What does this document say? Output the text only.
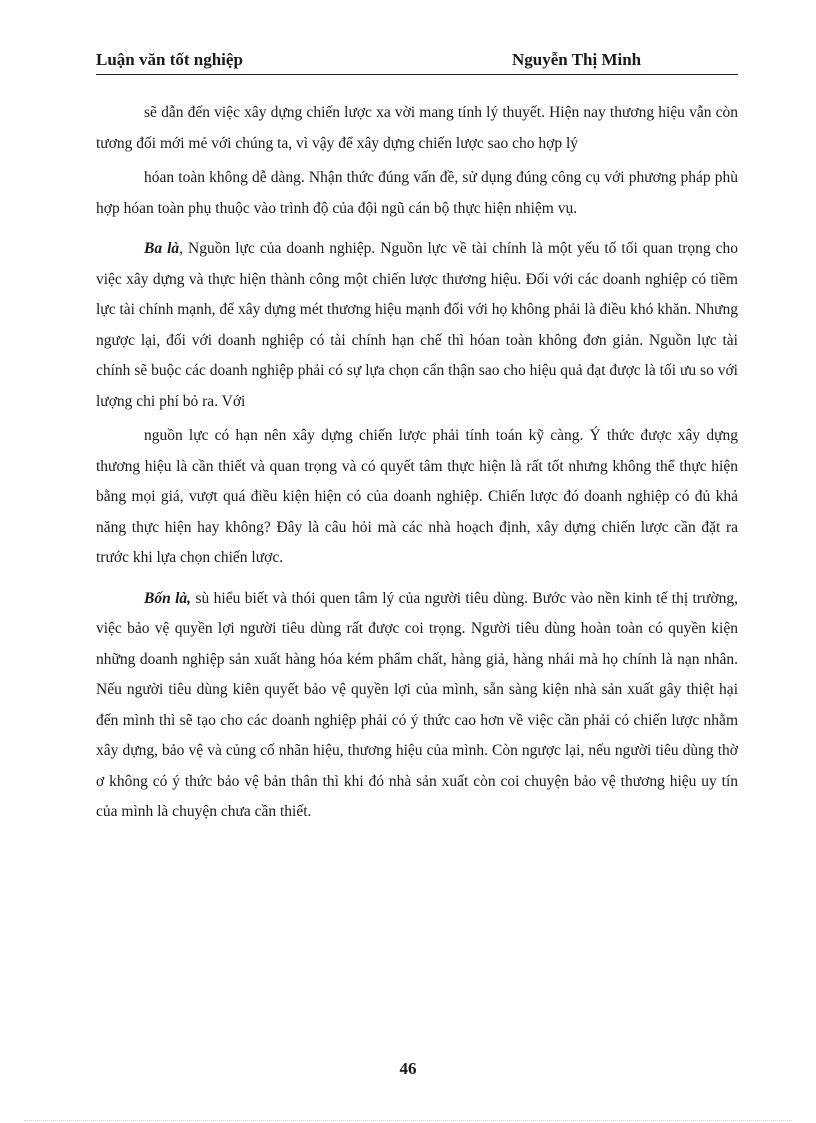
Luận văn tốt nghiệp	Nguyễn Thị Minh

sẽ dẫn đến việc xây dựng chiến lược xa vời mang tính lý thuyết. Hiện nay thương hiệu vẫn còn tương đối mới mẻ với chúng ta, vì vậy để xây dựng chiến lược sao cho hợp lý

hóan toàn không dễ dàng. Nhận thức đúng vấn đề, sử dụng đúng công cụ với phương pháp phù hợp hóan toàn phụ thuộc vào trình độ của đội ngũ cán bộ thực hiện nhiệm vụ.

Ba là, Nguồn lực của doanh nghiệp. Nguồn lực về tài chính là một yếu tố tối quan trọng cho việc xây dựng và thực hiện thành công một chiến lược thương hiệu. Đối với các doanh nghiệp có tiềm lực tài chính mạnh, để xây dựng mét thương hiệu mạnh đối với họ không phải là điều khó khăn. Nhưng ngược lại, đối với doanh nghiệp có tài chính hạn chế thì hóan toàn không đơn giản. Nguồn lực tài chính sẽ buộc các doanh nghiệp phải có sự lựa chọn cẩn thận sao cho hiệu quả đạt được là tối ưu so với lượng chi phí bỏ ra. Với

nguồn lực có hạn nên xây dựng chiến lược phải tính toán kỹ càng. Ý thức được xây dựng thương hiệu là cần thiết và quan trọng và có quyết tâm thực hiện là rất tốt nhưng không thể thực hiện bằng mọi giá, vượt quá điều kiện hiện có của doanh nghiệp. Chiến lược đó doanh nghiệp có đủ khả năng thực hiện hay không? Đây là câu hỏi mà các nhà hoạch định, xây dựng chiến lược cần đặt ra trước khi lựa chọn chiến lược.

Bốn là, sù hiểu biết và thói quen tâm lý của người tiêu dùng. Bước vào nền kinh tế thị trường, việc bảo vệ quyền lợi người tiêu dùng rất được coi trọng. Người tiêu dùng hoàn toàn có quyền kiện những doanh nghiệp sản xuất hàng hóa kém phẩm chất, hàng giả, hàng nhái mà họ chính là nạn nhân. Nếu người tiêu dùng kiên quyết bảo vệ quyền lợi của mình, sẵn sàng kiện nhà sản xuất gây thiệt hại đến mình thì sẽ tạo cho các doanh nghiệp phải có ý thức cao hơn về việc cần phải có chiến lược nhằm xây dựng, bảo vệ và củng cố nhãn hiệu, thương hiệu của mình. Còn ngược lại, nếu người tiêu dùng thờ ơ không có ý thức bảo vệ bản thân thì khi đó nhà sản xuất còn coi chuyện bảo vệ thương hiệu uy tín của mình là chuyện chưa cần thiết.

46
